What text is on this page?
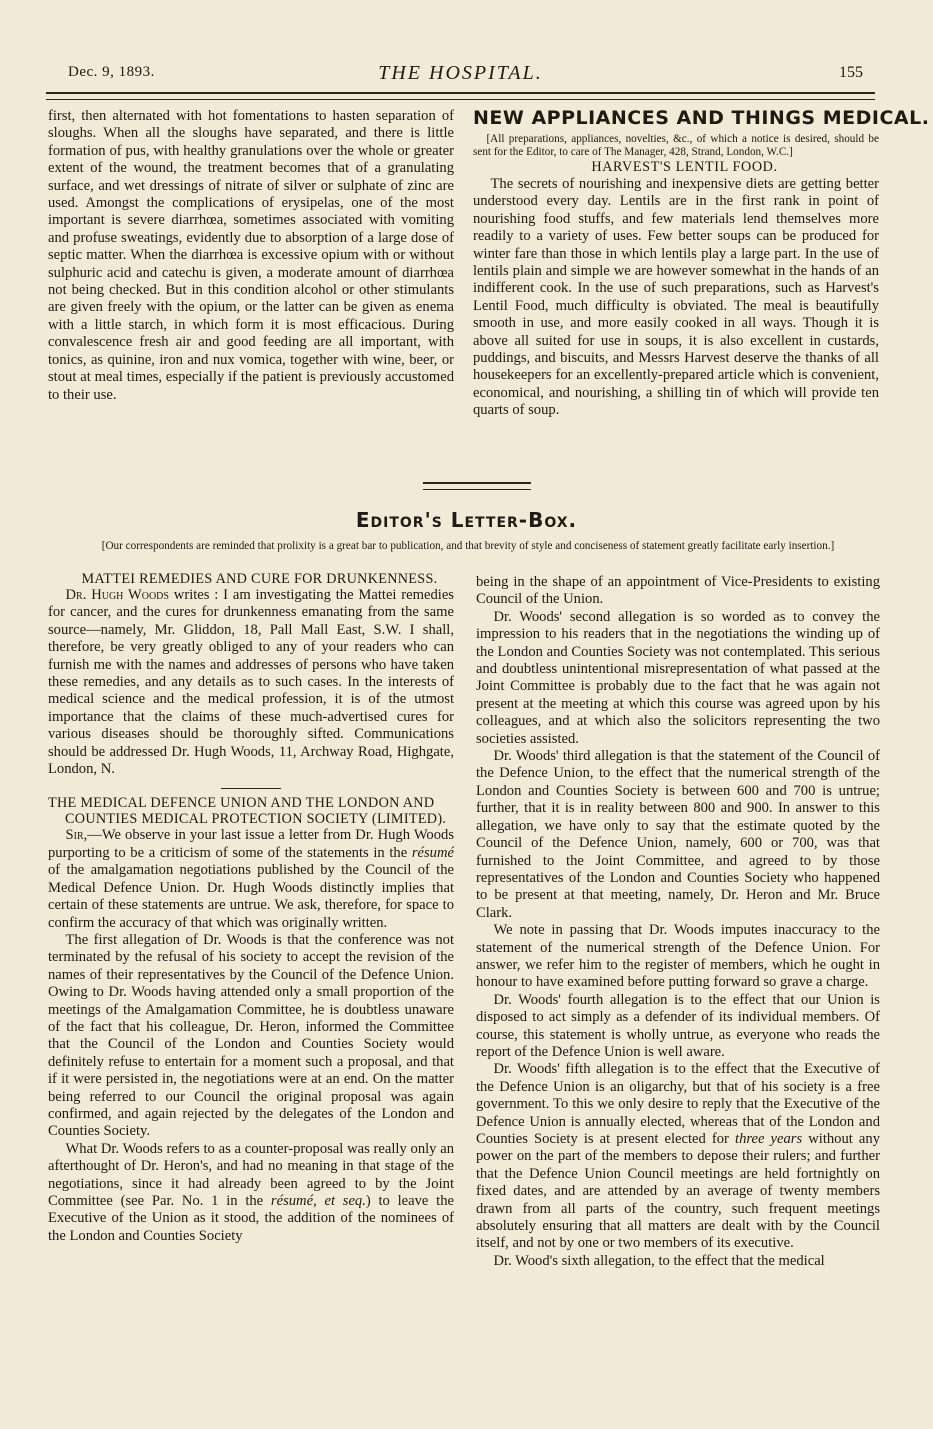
Dec. 9, 1893.	THE HOSPITAL.	155

first, then alternated with hot fomentations to hasten separation of sloughs. When all the sloughs have separated, and there is little formation of pus, with healthy granulations over the whole or greater extent of the wound, the treatment becomes that of a granulating surface, and wet dressings of nitrate of silver or sulphate of zinc are used. Amongst the complications of erysipelas, one of the most important is severe diarrhœa, sometimes associated with vomiting and profuse sweatings, evidently due to absorption of a large dose of septic matter. When the diarrhœa is excessive opium with or without sulphuric acid and catechu is given, a moderate amount of diarrhœa not being checked. But in this condition alcohol or other stimulants are given freely with the opium, or the latter can be given as enema with a little starch, in which form it is most efficacious. During convalescence fresh air and good feeding are all important, with tonics, as quinine, iron and nux vomica, together with wine, beer, or stout at meal times, especially if the patient is previously accustomed to their use.

NEW APPLIANCES AND THINGS MEDICAL.

[All preparations, appliances, novelties, &c., of which a notice is desired, should be sent for the Editor, to care of The Manager, 428, Strand, London, W.C.]

HARVEST'S LENTIL FOOD.

The secrets of nourishing and inexpensive diets are getting better understood every day. Lentils are in the first rank in point of nourishing food stuffs, and few materials lend themselves more readily to a variety of uses. Few better soups can be produced for winter fare than those in which lentils play a large part. In the use of lentils plain and simple we are however somewhat in the hands of an indifferent cook. In the use of such preparations, such as Harvest's Lentil Food, much difficulty is obviated. The meal is beautifully smooth in use, and more easily cooked in all ways. Though it is above all suited for use in soups, it is also excellent in custards, puddings, and biscuits, and Messrs Harvest deserve the thanks of all housekeepers for an excellently-prepared article which is convenient, economical, and nourishing, a shilling tin of which will provide ten quarts of soup.

Editor's Letter-Box.
[Our correspondents are reminded that prolixity is a great bar to publication, and that brevity of style and conciseness of statement greatly facilitate early insertion.]

MATTEI REMEDIES AND CURE FOR DRUNKENNESS.

Dr. Hugh Woods writes : I am investigating the Mattei remedies for cancer, and the cures for drunkenness emanating from the same source—namely, Mr. Gliddon, 18, Pall Mall East, S.W. I shall, therefore, be very greatly obliged to any of your readers who can furnish me with the names and addresses of persons who have taken these remedies, and any details as to such cases. In the interests of medical science and the medical profession, it is of the utmost importance that the claims of these much-advertised cures for various diseases should be thoroughly sifted. Communications should be addressed Dr. Hugh Woods, 11, Archway Road, Highgate, London, N.

THE MEDICAL DEFENCE UNION AND THE LONDON AND COUNTIES MEDICAL PROTECTION SOCIETY (LIMITED).

Sir,—We observe in your last issue a letter from Dr. Hugh Woods purporting to be a criticism of some of the statements in the résumé of the amalgamation negotiations published by the Council of the Medical Defence Union. Dr. Hugh Woods distinctly implies that certain of these statements are untrue. We ask, therefore, for space to confirm the accuracy of that which was originally written.

The first allegation of Dr. Woods is that the conference was not terminated by the refusal of his society to accept the revision of the names of their representatives by the Council of the Defence Union. Owing to Dr. Woods having attended only a small proportion of the meetings of the Amalgamation Committee, he is doubtless unaware of the fact that his colleague, Dr. Heron, informed the Committee that the Council of the London and Counties Society would definitely refuse to entertain for a moment such a proposal, and that if it were persisted in, the negotiations were at an end. On the matter being referred to our Council the original proposal was again confirmed, and again rejected by the delegates of the London and Counties Society.

What Dr. Woods refers to as a counter-proposal was really only an afterthought of Dr. Heron's, and had no meaning in that stage of the negotiations, since it had already been agreed to by the Joint Committee (see Par. No. 1 in the résumé, et seq.) to leave the Executive of the Union as it stood, the addition of the nominees of the London and Counties Society

being in the shape of an appointment of Vice-Presidents to existing Council of the Union.

Dr. Woods' second allegation is so worded as to convey the impression to his readers that in the negotiations the winding up of the London and Counties Society was not contemplated. This serious and doubtless unintentional misrepresentation of what passed at the Joint Committee is probably due to the fact that he was again not present at the meeting at which this course was agreed upon by his colleagues, and at which also the solicitors representing the two societies assisted.

Dr. Woods' third allegation is that the statement of the Council of the Defence Union, to the effect that the numerical strength of the London and Counties Society is between 600 and 700 is untrue; further, that it is in reality between 800 and 900. In answer to this allegation, we have only to say that the estimate quoted by the Council of the Defence Union, namely, 600 or 700, was that furnished to the Joint Committee, and agreed to by those representatives of the London and Counties Society who happened to be present at that meeting, namely, Dr. Heron and Mr. Bruce Clark.

We note in passing that Dr. Woods imputes inaccuracy to the statement of the numerical strength of the Defence Union. For answer, we refer him to the register of members, which he ought in honour to have examined before putting forward so grave a charge.

Dr. Woods' fourth allegation is to the effect that our Union is disposed to act simply as a defender of its individual members. Of course, this statement is wholly untrue, as everyone who reads the report of the Defence Union is well aware.

Dr. Woods' fifth allegation is to the effect that the Executive of the Defence Union is an oligarchy, but that of his society is a free government. To this we only desire to reply that the Executive of the Defence Union is annually elected, whereas that of the London and Counties Society is at present elected for three years without any power on the part of the members to depose their rulers; and further that the Defence Union Council meetings are held fortnightly on fixed dates, and are attended by an average of twenty members drawn from all parts of the country, such frequent meetings absolutely ensuring that all matters are dealt with by the Council itself, and not by one or two members of its executive.

Dr. Wood's sixth allegation, to the effect that the medical
